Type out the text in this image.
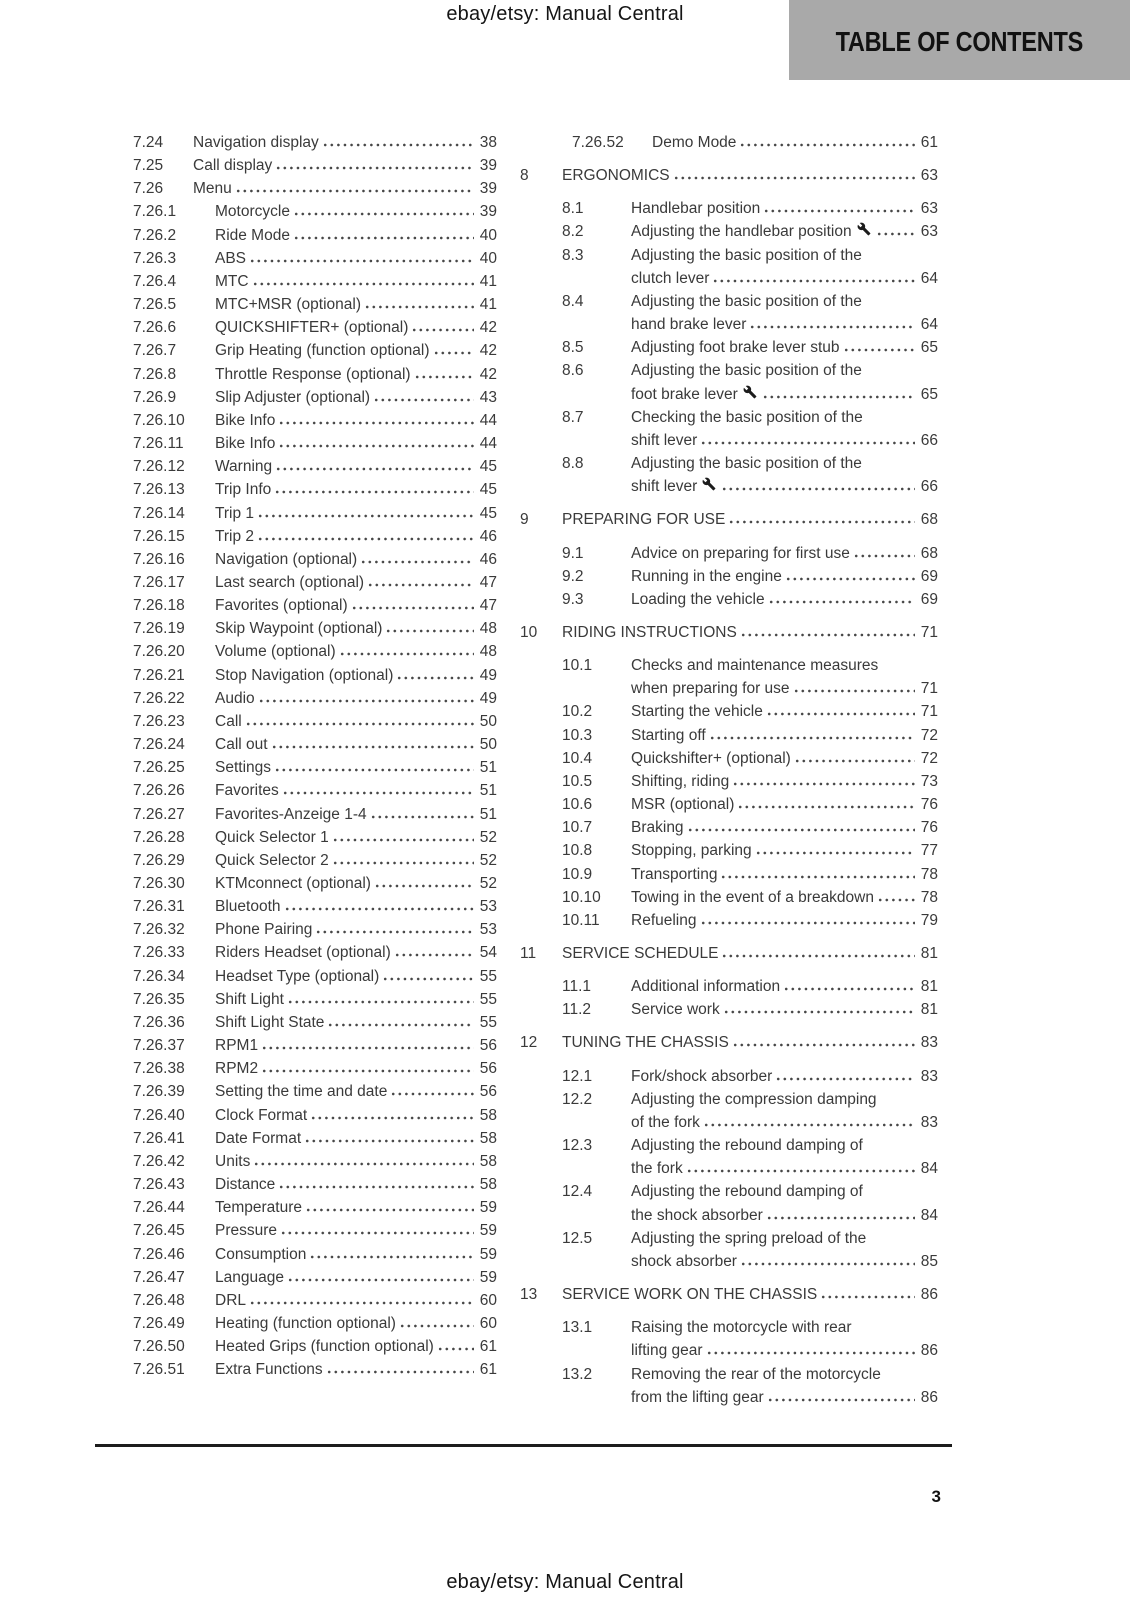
ebay/etsy: Manual Central
TABLE OF CONTENTS
7.24	Navigation display	38
7.25	Call display	39
7.26	Menu	39
7.26.1	Motorcycle	39
7.26.2	Ride Mode	40
7.26.3	ABS	40
7.26.4	MTC	41
7.26.5	MTC+MSR (optional)	41
7.26.6	QUICKSHIFTER+ (optional)	42
7.26.7	Grip Heating (function optional)	42
7.26.8	Throttle Response (optional)	42
7.26.9	Slip Adjuster (optional)	43
7.26.10	Bike Info	44
7.26.11	Bike Info	44
7.26.12	Warning	45
7.26.13	Trip Info	45
7.26.14	Trip 1	45
7.26.15	Trip 2	46
7.26.16	Navigation (optional)	46
7.26.17	Last search (optional)	47
7.26.18	Favorites (optional)	47
7.26.19	Skip Waypoint (optional)	48
7.26.20	Volume (optional)	48
7.26.21	Stop Navigation (optional)	49
7.26.22	Audio	49
7.26.23	Call	50
7.26.24	Call out	50
7.26.25	Settings	51
7.26.26	Favorites	51
7.26.27	Favorites-Anzeige 1-4	51
7.26.28	Quick Selector 1	52
7.26.29	Quick Selector 2	52
7.26.30	KTMconnect (optional)	52
7.26.31	Bluetooth	53
7.26.32	Phone Pairing	53
7.26.33	Riders Headset (optional)	54
7.26.34	Headset Type (optional)	55
7.26.35	Shift Light	55
7.26.36	Shift Light State	55
7.26.37	RPM1	56
7.26.38	RPM2	56
7.26.39	Setting the time and date	56
7.26.40	Clock Format	58
7.26.41	Date Format	58
7.26.42	Units	58
7.26.43	Distance	58
7.26.44	Temperature	59
7.26.45	Pressure	59
7.26.46	Consumption	59
7.26.47	Language	59
7.26.48	DRL	60
7.26.49	Heating (function optional)	60
7.26.50	Heated Grips (function optional)	61
7.26.51	Extra Functions	61
7.26.52	Demo Mode	61
8	ERGONOMICS	63
8.1	Handlebar position	63
8.2	Adjusting the handlebar position	63
8.3	Adjusting the basic position of the
clutch lever	64
8.4	Adjusting the basic position of the
hand brake lever	64
8.5	Adjusting foot brake lever stub	65
8.6	Adjusting the basic position of the
foot brake lever	65
8.7	Checking the basic position of the
shift lever	66
8.8	Adjusting the basic position of the
shift lever	66
9	PREPARING FOR USE	68
9.1	Advice on preparing for first use	68
9.2	Running in the engine	69
9.3	Loading the vehicle	69
10	RIDING INSTRUCTIONS	71
10.1	Checks and maintenance measures
when preparing for use	71
10.2	Starting the vehicle	71
10.3	Starting off	72
10.4	Quickshifter+ (optional)	72
10.5	Shifting, riding	73
10.6	MSR (optional)	76
10.7	Braking	76
10.8	Stopping, parking	77
10.9	Transporting	78
10.10	Towing in the event of a breakdown	78
10.11	Refueling	79
11	SERVICE SCHEDULE	81
11.1	Additional information	81
11.2	Service work	81
12	TUNING THE CHASSIS	83
12.1	Fork/shock absorber	83
12.2	Adjusting the compression damping
of the fork	83
12.3	Adjusting the rebound damping of
the fork	84
12.4	Adjusting the rebound damping of
the shock absorber	84
12.5	Adjusting the spring preload of the
shock absorber	85
13	SERVICE WORK ON THE CHASSIS	86
13.1	Raising the motorcycle with rear
lifting gear	86
13.2	Removing the rear of the motorcycle
from the lifting gear	86
3
ebay/etsy: Manual Central
